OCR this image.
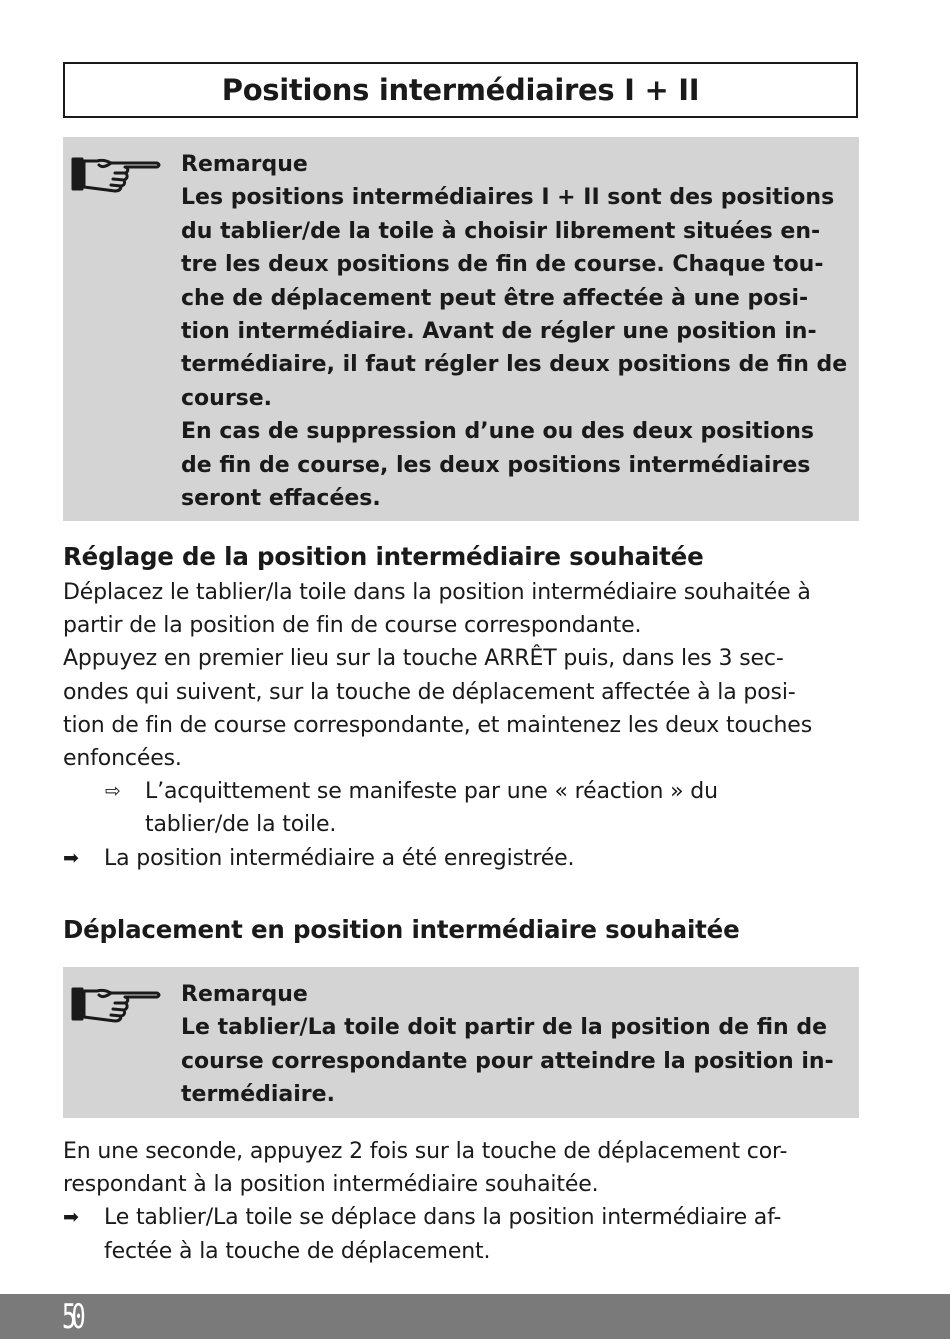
Positions intermédiaires I + II

Remarque

Les positions intermédiaires I + II sont des positions

du tablier/de la toile à choisir librement situées en-

tre les deux positions de fin de course. Chaque tou-

che de déplacement peut être affectée à une posi-

tion intermédiaire. Avant de régler une position in-

termédiaire, il faut régler les deux positions de fin de

course.

En cas de suppression d’une ou des deux positions

de fin de course, les deux positions intermédiaires

seront effacées.

Réglage de la position intermédiaire souhaitée

Déplacez le tablier/la toile dans la position intermédiaire souhaitée à

partir de la position de fin de course correspondante.

Appuyez en premier lieu sur la touche ARRÊT puis, dans les 3 sec-

ondes qui suivent, sur la touche de déplacement affectée à la posi-

tion de fin de course correspondante, et maintenez les deux touches

enfoncées.

⇨ L’acquittement se manifeste par une « réaction » du

tablier/de la toile.

➡ La position intermédiaire a été enregistrée.

Déplacement en position intermédiaire souhaitée

Remarque

Le tablier/La toile doit partir de la position de fin de

course correspondante pour atteindre la position in-

termédiaire.

En une seconde, appuyez 2 fois sur la touche de déplacement cor-

respondant à la position intermédiaire souhaitée.

➡ Le tablier/La toile se déplace dans la position intermédiaire af-

fectée à la touche de déplacement.

50
